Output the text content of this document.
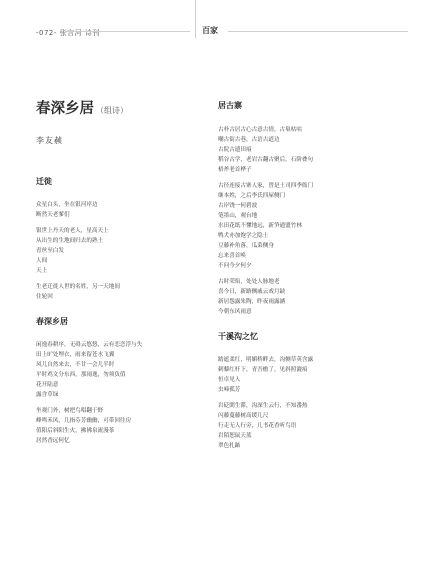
-072- 张言河 诗刊	百家
春深乡居 （组诗）
李友赪
迁徙
众星白头，坐在银河岸边
断然天老爹们
银世上丹天的老人，星高天上
从出生的生地间归去的熟土
青丝至白发
人间
天上
生老迁徙人世的名姓，另一天地间
住轮回
春深乡居
闲逸春耕序，无碍云悠悠，云有恋恋浮与失
田上旷处埋衣，雨来留苍水飞翼
风儿自然来去，不甘一会儿半时
平时鸡文分东西，那闹逸，勿须负值
花开陆意
露含草绿
坐观门外，树把鸟唱翻于野
峰鸣禾风，几指芬芳幽幽，可带回往房
值阳后斜阳生火，拂佛泉流漫茶
居然香远何忆
居古寨
古朴古居古心古意古情，古巢枯咕
嘲古街古巷，古语古道边
古院古遗田痕
稻谷古学，老岩古翻古聚后，石阶叠句
梧斧老首桦子
古径连接古寨人家，曾是土司四季衙门
继本姓，之后李氏四屋侧门
古岸饶一何碧波
笔墨山，观台地
水田花纸不懂地远，新笋通盟竹林
鸭犬亦加饱学之隐士
豆藤补角落，瓜菜侧身
忘来喜首唤
不问今夕何夕
古时荣焰，处处人脉地老
喜今日，新路侧戚云戏月缺
新居怨露朱陶，昨夜雨露涵
今朝东风雨意
干溪沟之忆
踏遮柔红，明媚桥畔去，沟侧草英含露
刺藜红杆下，青吾檐了，见斜照漉痕
恒卓见人
虫啼孤芳
岩砭閑生滞，沟深生云行，不知番热
闪藤蔓藤树高缓几尺
行走无人行旁，几书花香听鸟语
岩陌恕鼠天蓝
翠色扎踮
